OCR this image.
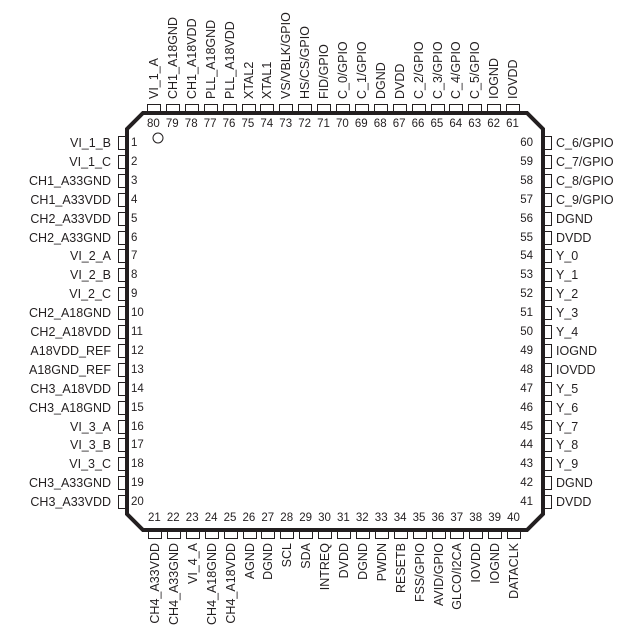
VI_1_B 1
VI_1_C 2
CH1_A33GND 3
CH1_A33VDD 4
CH2_A33VDD 5
CH2_A33GND 6
VI_2_A 7
VI_2_B 8
VI_2_C 9
CH2_A18GND 10
CH2_A18VDD 11
A18VDD_REF 12
A18GND_REF 13
CH3_A18VDD 14
CH3_A18GND 15
VI_3_A 16
VI_3_B 17
VI_3_C 18
CH3_A33GND 19
CH3_A33VDD 20
21
CH4_A33VDD
22
CH4_A33GND
23
VI_4_A
24
CH4_A18GND
25
CH4_A18VDD
26
AGND
27
DGND
28
SCL
29
SDA
30
INTREQ
31
DVDD
32
DGND
33
PWDN
34
RESETB
35
FSS/GPIO
36
AVID/GPIO
37
GLCO/I2CA
38
IOVDD
39
IOGND
40
DATACLK
DVDD
41
DGND
42
Y_9
43
Y_8
44
Y_7
45
Y_6
46
Y_5
47
IOVDD
48
IOGND
49
Y_4
50
Y_3
51
Y_2
52
Y_1
53
Y_0
54
DVDD
55
DGND
56
C_9/GPIO
57
C_8/GPIO
58
C_7/GPIO
59
C_6/GPIO
60
61
IOVDD
62
IOGND
63
C_5/GPIO
64
C_4/GPIO
65
C_3/GPIO
66
C_2/GPIO
67
DVDD
68
DGND
69
C_1/GPIO
70
C_0/GPIO
71
FID/GPIO
72
HS/CS/GPIO
73
VS/VBLK/GPIO
74
XTAL1
75
XTAL2
76
PLL_A18VDD
77
PLL_A18GND
78
CH1_A18VDD
79
CH1_A18GND
80
VI_1_A
